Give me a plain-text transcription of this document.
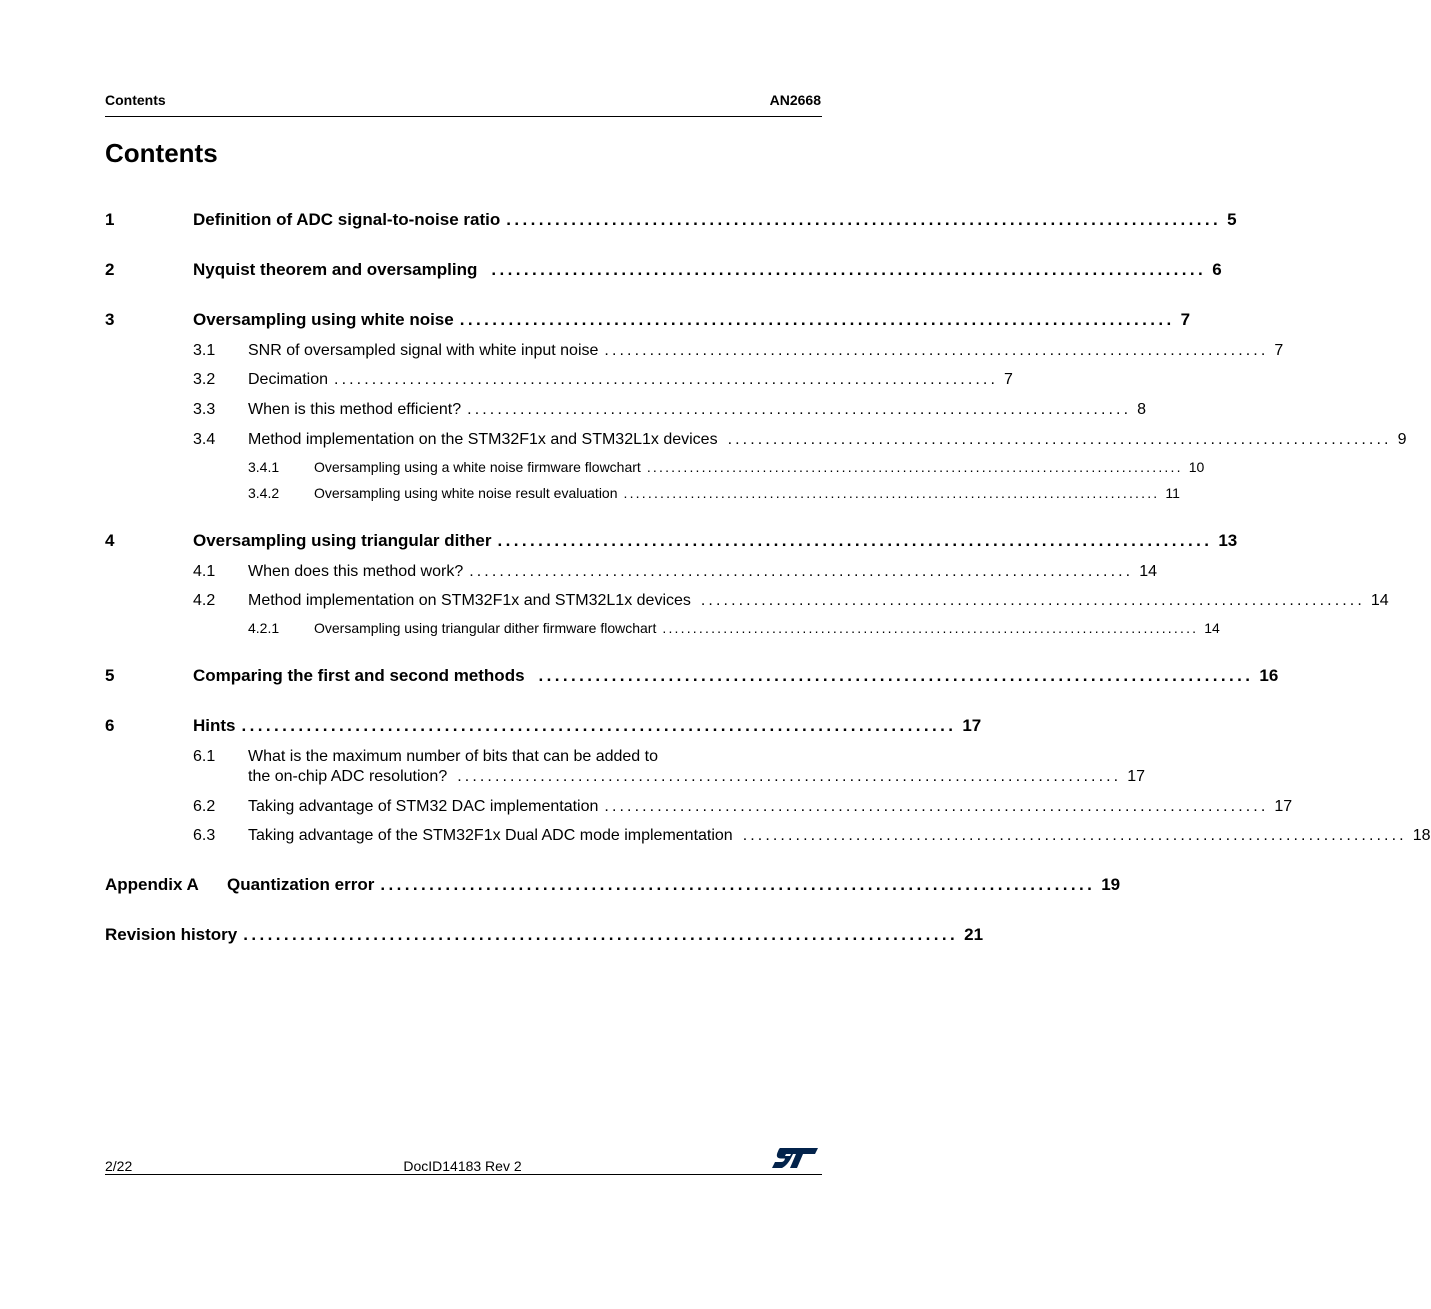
Contents	AN2668
Contents
1	Definition of ADC signal-to-noise ratio ........................................................................................ 5
2	Nyquist theorem and oversampling ........................................................................................ 6
3	Oversampling using white noise ........................................................................................ 7
3.1	SNR of oversampled signal with white input noise ........................................................................................ 7
3.2	Decimation ........................................................................................ 7
3.3	When is this method efficient? ........................................................................................ 8
3.4	Method implementation on the STM32F1x and STM32L1x devices ........................................................................................ 9
3.4.1	Oversampling using a white noise firmware flowchart ........................................................................................ 10
3.4.2	Oversampling using white noise result evaluation ........................................................................................ 11
4	Oversampling using triangular dither ........................................................................................ 13
4.1	When does this method work? ........................................................................................ 14
4.2	Method implementation on STM32F1x and STM32L1x devices ........................................................................................ 14
4.2.1	Oversampling using triangular dither firmware flowchart ........................................................................................ 14
5	Comparing the first and second methods ........................................................................................ 16
6	Hints ........................................................................................ 17
6.1	What is the maximum number of bits that can be added to
the on-chip ADC resolution? ........................................................................................ 17
6.2	Taking advantage of STM32 DAC implementation ........................................................................................ 17
6.3	Taking advantage of the STM32F1x Dual ADC mode implementation ........................................................................................ 18
Appendix A	Quantization error ........................................................................................ 19
Revision history ........................................................................................ 21
2/22	DocID14183 Rev 2
